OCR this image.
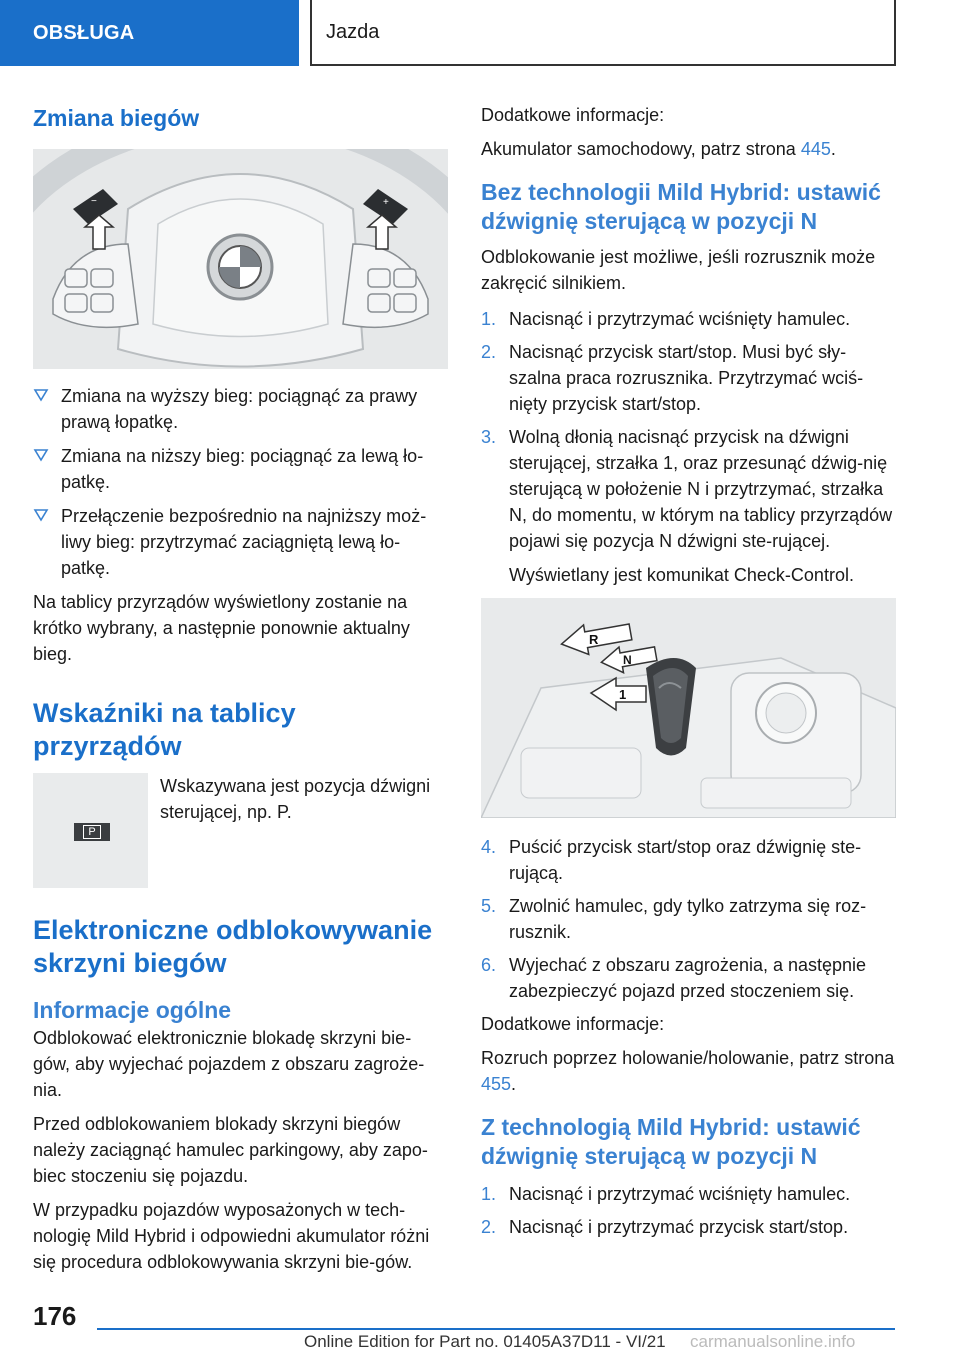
OBSŁUGA	Jazda
Zmiana biegów
−	+
Zmiana na wyższy bieg: pociągnąć za prawy prawą łopatkę.
Zmiana na niższy bieg: pociągnąć za lewą ło-patkę.
Przełączenie bezpośrednio na najniższy moż-liwy bieg: przytrzymać zaciągniętą lewą ło-patkę.

Na tablicy przyrządów wyświetlony zostanie na krótko wybrany, a następnie ponownie aktualny bieg.

Wskaźniki na tablicy przyrządów
P
Wskazywana jest pozycja dźwigni sterującej, np. P.
Elektroniczne odblokowywanie skrzyni biegów
Informacje ogólne

Odblokować elektronicznie blokadę skrzyni bie-gów, aby wyjechać pojazdem z obszaru zagroże-nia.

Przed odblokowaniem blokady skrzyni biegów należy zaciągnąć hamulec parkingowy, aby zapo-biec stoczeniu się pojazdu.

W przypadku pojazdów wyposażonych w tech-nologię Mild Hybrid i odpowiedni akumulator różni się procedura odblokowywania skrzyni bie-gów.

Dodatkowe informacje:

Akumulator samochodowy, patrz strona 445.

Bez technologii Mild Hybrid: ustawić dźwignię sterującą w pozycji N

Odblokowanie jest możliwe, jeśli rozrusznik może zakręcić silnikiem.

1. Nacisnąć i przytrzymać wciśnięty hamulec.
2. Nacisnąć przycisk start/stop. Musi być sły-szalna praca rozrusznika. Przytrzymać wciś-nięty przycisk start/stop.
3. Wolną dłonią nacisnąć przycisk na dźwigni sterującej, strzałka 1, oraz przesunąć dźwig-nię sterującą w położenie N i przytrzymać, strzałka N, do momentu, w którym na tablicy przyrządów pojawi się pozycja N dźwigni ste-rującej.
Wyświetlany jest komunikat Check-Control.
R
N
1
4. Puścić przycisk start/stop oraz dźwignię ste-rującą.
5. Zwolnić hamulec, gdy tylko zatrzyma się roz-rusznik.
6. Wyjechać z obszaru zagrożenia, a następnie zabezpieczyć pojazd przed stoczeniem się.

Dodatkowe informacje:

Rozruch poprzez holowanie/holowanie, patrz strona 455.

Z technologią Mild Hybrid: ustawić dźwignię sterującą w pozycji N
1. Nacisnąć i przytrzymać wciśnięty hamulec.
2. Nacisnąć i przytrzymać przycisk start/stop.
176
Online Edition for Part no. 01405A37D11 - VI/21 carmanualsonline.info
